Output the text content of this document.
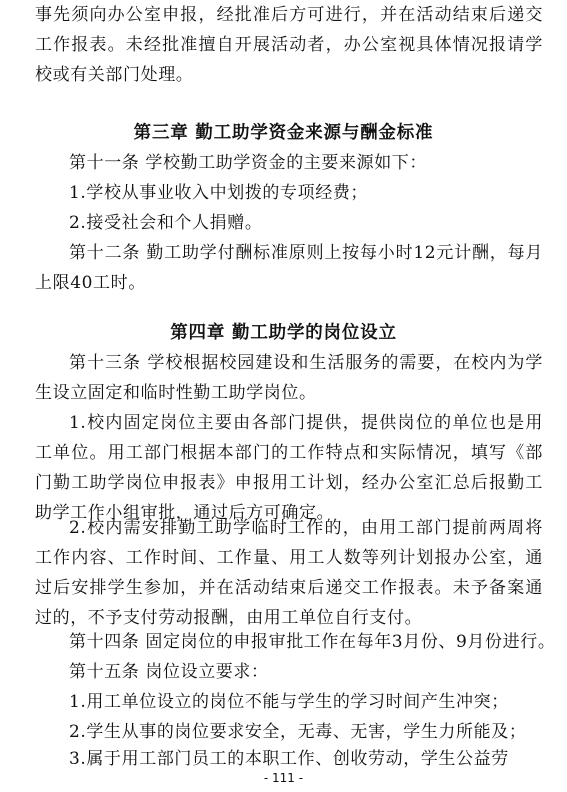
事先须向办公室申报，经批准后方可进行，并在活动结束后递交工作报表。未经批准擅自开展活动者，办公室视具体情况报请学校或有关部门处理。

第三章 勤工助学资金来源与酬金标准

第十一条 学校勤工助学资金的主要来源如下：

1.学校从事业收入中划拨的专项经费；

2.接受社会和个人捐赠。

第十二条 勤工助学付酬标准原则上按每小时12元计酬，每月上限40工时。

第四章 勤工助学的岗位设立

第十三条 学校根据校园建设和生活服务的需要，在校内为学生设立固定和临时性勤工助学岗位。

1.校内固定岗位主要由各部门提供，提供岗位的单位也是用工单位。用工部门根据本部门的工作特点和实际情况，填写《部门勤工助学岗位申报表》申报用工计划，经办公室汇总后报勤工助学工作小组审批，通过后方可确定。

2.校内需安排勤工助学临时工作的，由用工部门提前两周将工作内容、工作时间、工作量、用工人数等列计划报办公室，通过后安排学生参加，并在活动结束后递交工作报表。未予备案通过的，不予支付劳动报酬，由用工单位自行支付。

第十四条 固定岗位的申报审批工作在每年3月份、9月份进行。

第十五条 岗位设立要求：

1.用工单位设立的岗位不能与学生的学习时间产生冲突；

2.学生从事的岗位要求安全，无毒、无害，学生力所能及；

3.属于用工部门员工的本职工作、创收劳动，学生公益劳

- 111 -
